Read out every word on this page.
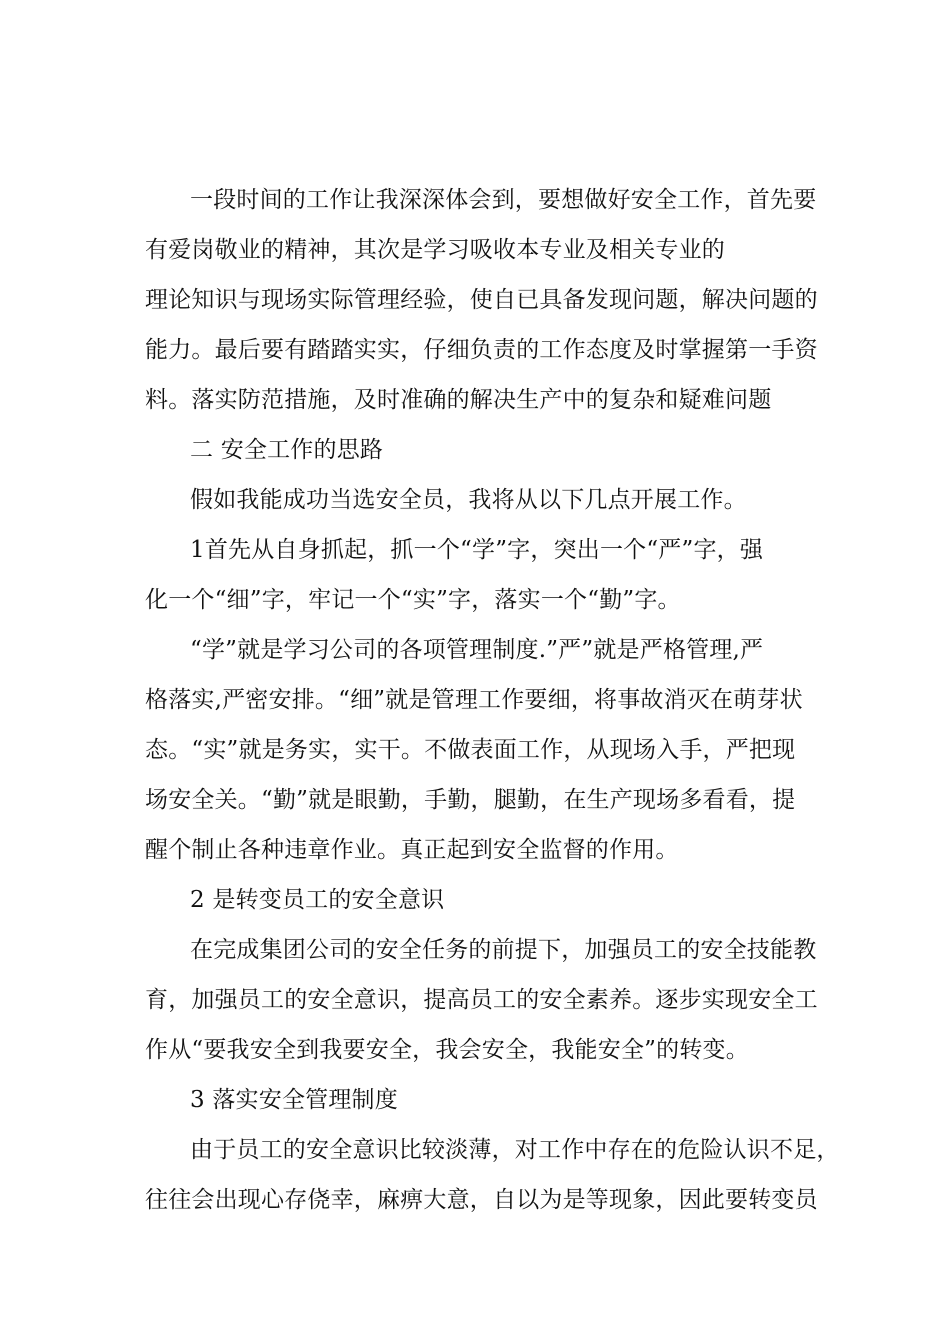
一段时间的工作让我深深体会到，要想做好安全工作，首先要
有爱岗敬业的精神，其次是学习吸收本专业及相关专业的
理论知识与现场实际管理经验，使自已具备发现问题，解决问题的
能力。最后要有踏踏实实，仔细负责的工作态度及时掌握第一手资
料。落实防范措施，及时准确的解决生产中的复杂和疑难问题
二 安全工作的思路
假如我能成功当选安全员，我将从以下几点开展工作。
1首先从自身抓起，抓一个“学”字，突出一个“严”字，强
化一个“细”字，牢记一个“实”字，落实一个“勤”字。
“学”就是学习公司的各项管理制度.”严”就是严格管理,严
格落实,严密安排。“细”就是管理工作要细，将事故消灭在萌芽状
态。“实”就是务实，实干。不做表面工作，从现场入手，严把现
场安全关。“勤”就是眼勤，手勤，腿勤，在生产现场多看看，提
醒个制止各种违章作业。真正起到安全监督的作用。
2 是转变员工的安全意识
在完成集团公司的安全任务的前提下，加强员工的安全技能教
育，加强员工的安全意识，提高员工的安全素养。逐步实现安全工
作从“要我安全到我要安全，我会安全，我能安全”的转变。
3 落实安全管理制度
由于员工的安全意识比较淡薄，对工作中存在的危险认识不足，
往往会出现心存侥幸，麻痹大意，自以为是等现象，因此要转变员
